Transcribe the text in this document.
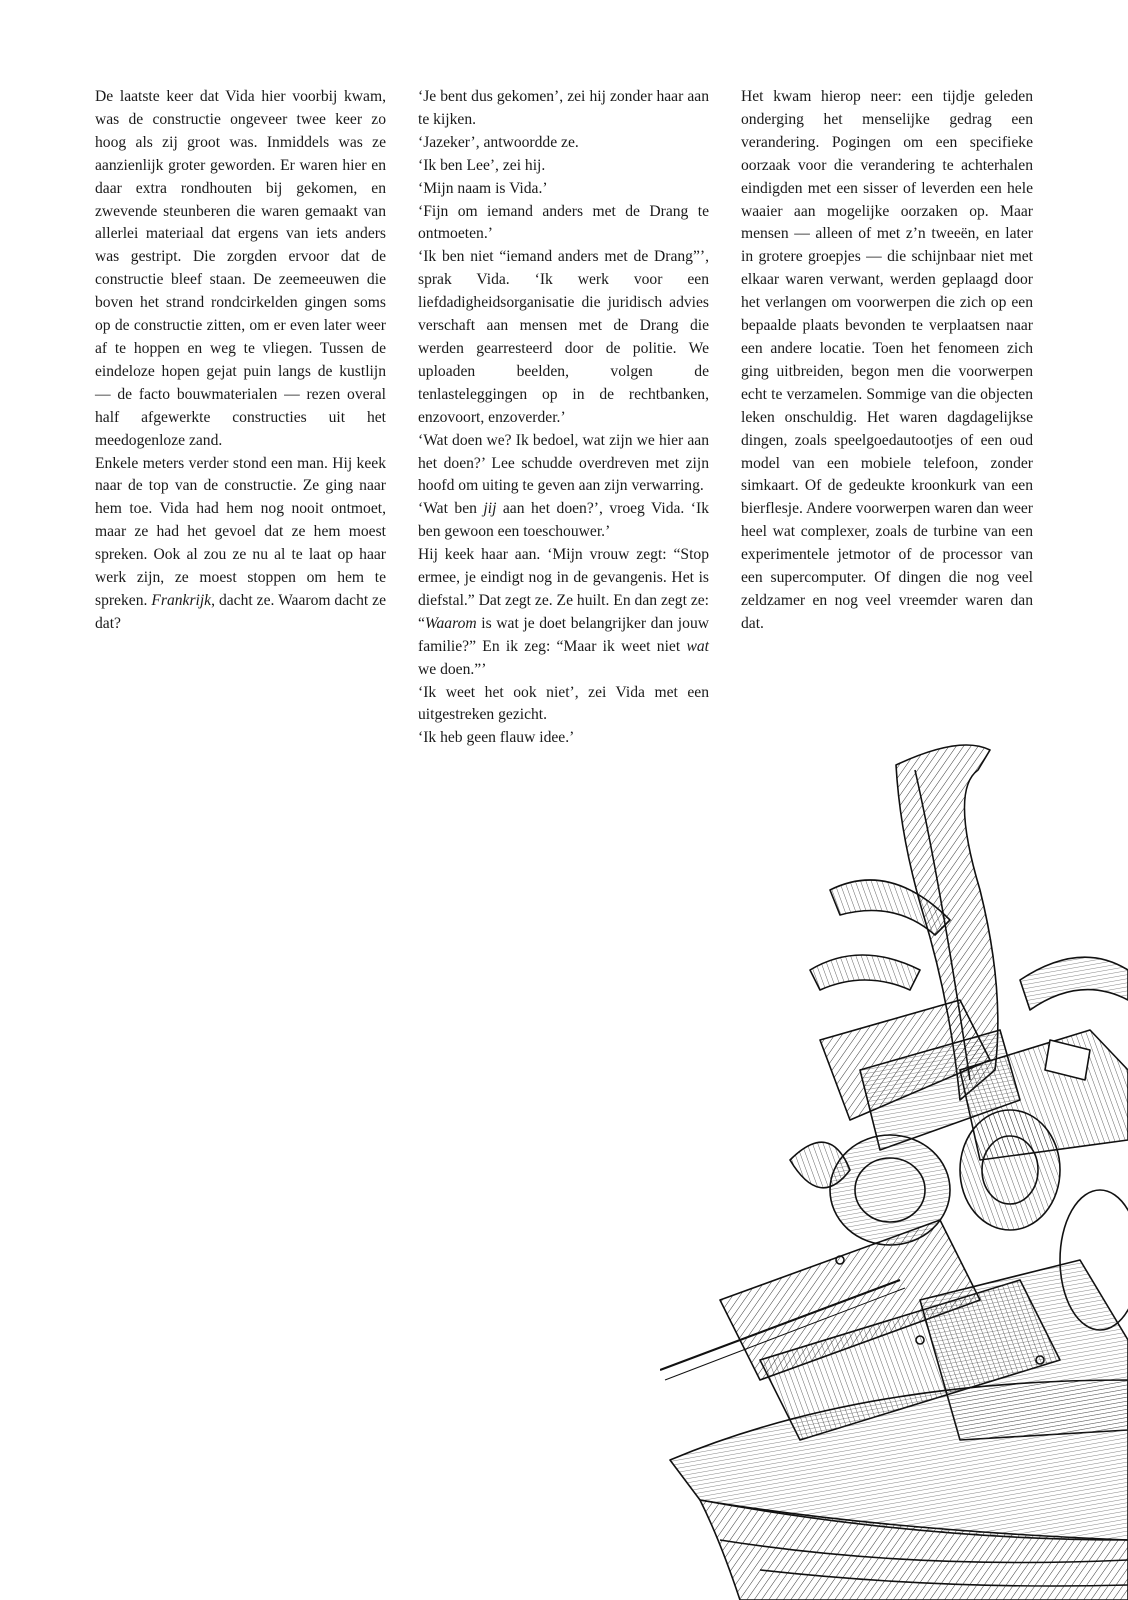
De laatste keer dat Vida hier voorbij kwam, was de constructie ongeveer twee keer zo hoog als zij groot was. Inmiddels was ze aanzienlijk groter geworden. Er waren hier en daar extra rondhouten bij gekomen, en zwevende steunberen die waren gemaakt van allerlei materiaal dat ergens van iets anders was gestript. Die zorgden ervoor dat de constructie bleef staan. De zeemeeuwen die boven het strand rondcirkelden gingen soms op de constructie zitten, om er even later weer af te hoppen en weg te vliegen. Tussen de eindeloze hopen gejat puin langs de kustlijn — de facto bouwmaterialen — rezen overal half afgewerkte constructies uit het meedogenloze zand.

Enkele meters verder stond een man. Hij keek naar de top van de constructie. Ze ging naar hem toe. Vida had hem nog nooit ontmoet, maar ze had het gevoel dat ze hem moest spreken. Ook al zou ze nu al te laat op haar werk zijn, ze moest stoppen om hem te spreken. Frankrijk, dacht ze. Waarom dacht ze dat?

‘Je bent dus gekomen’, zei hij zonder haar aan te kijken.

‘Jazeker’, antwoordde ze.

‘Ik ben Lee’, zei hij.

‘Mijn naam is Vida.’

‘Fijn om iemand anders met de Drang te ontmoeten.’

‘Ik ben niet “iemand anders met de Drang”’, sprak Vida. ‘Ik werk voor een liefdadigheidsorganisatie die juridisch advies verschaft aan mensen met de Drang die werden gearresteerd door de politie. We uploaden beelden, volgen de tenlasteleggingen op in de rechtbanken, enzovoort, enzoverder.’

‘Wat doen we? Ik bedoel, wat zijn we hier aan het doen?’ Lee schudde overdreven met zijn hoofd om uiting te geven aan zijn verwarring.

‘Wat ben jij aan het doen?’, vroeg Vida. ‘Ik ben gewoon een toeschouwer.’

Hij keek haar aan. ‘Mijn vrouw zegt: “Stop ermee, je eindigt nog in de gevangenis. Het is diefstal.” Dat zegt ze. Ze huilt. En dan zegt ze: “Waarom is wat je doet belangrijker dan jouw familie?” En ik zeg: “Maar ik weet niet wat we doen.”’

‘Ik weet het ook niet’, zei Vida met een uitgestreken gezicht.

‘Ik heb geen flauw idee.’

Het kwam hierop neer: een tijdje geleden onderging het menselijke gedrag een verandering. Pogingen om een specifieke oorzaak voor die verandering te achterhalen eindigden met een sisser of leverden een hele waaier aan mogelijke oorzaken op. Maar mensen — alleen of met z’n tweeën, en later in grotere groepjes — die schijnbaar niet met elkaar waren verwant, werden geplaagd door het verlangen om voorwerpen die zich op een bepaalde plaats bevonden te verplaatsen naar een andere locatie. Toen het fenomeen zich ging uitbreiden, begon men die voorwerpen echt te verzamelen. Sommige van die objecten leken onschuldig. Het waren dagdagelijkse dingen, zoals speelgoedautootjes of een oud model van een mobiele telefoon, zonder simkaart. Of de gedeukte kroonkurk van een bierflesje. Andere voorwerpen waren dan weer heel wat complexer, zoals de turbine van een experimentele jetmotor of de processor van een supercomputer. Of dingen die nog veel zeldzamer en nog veel vreemder waren dan dat.
